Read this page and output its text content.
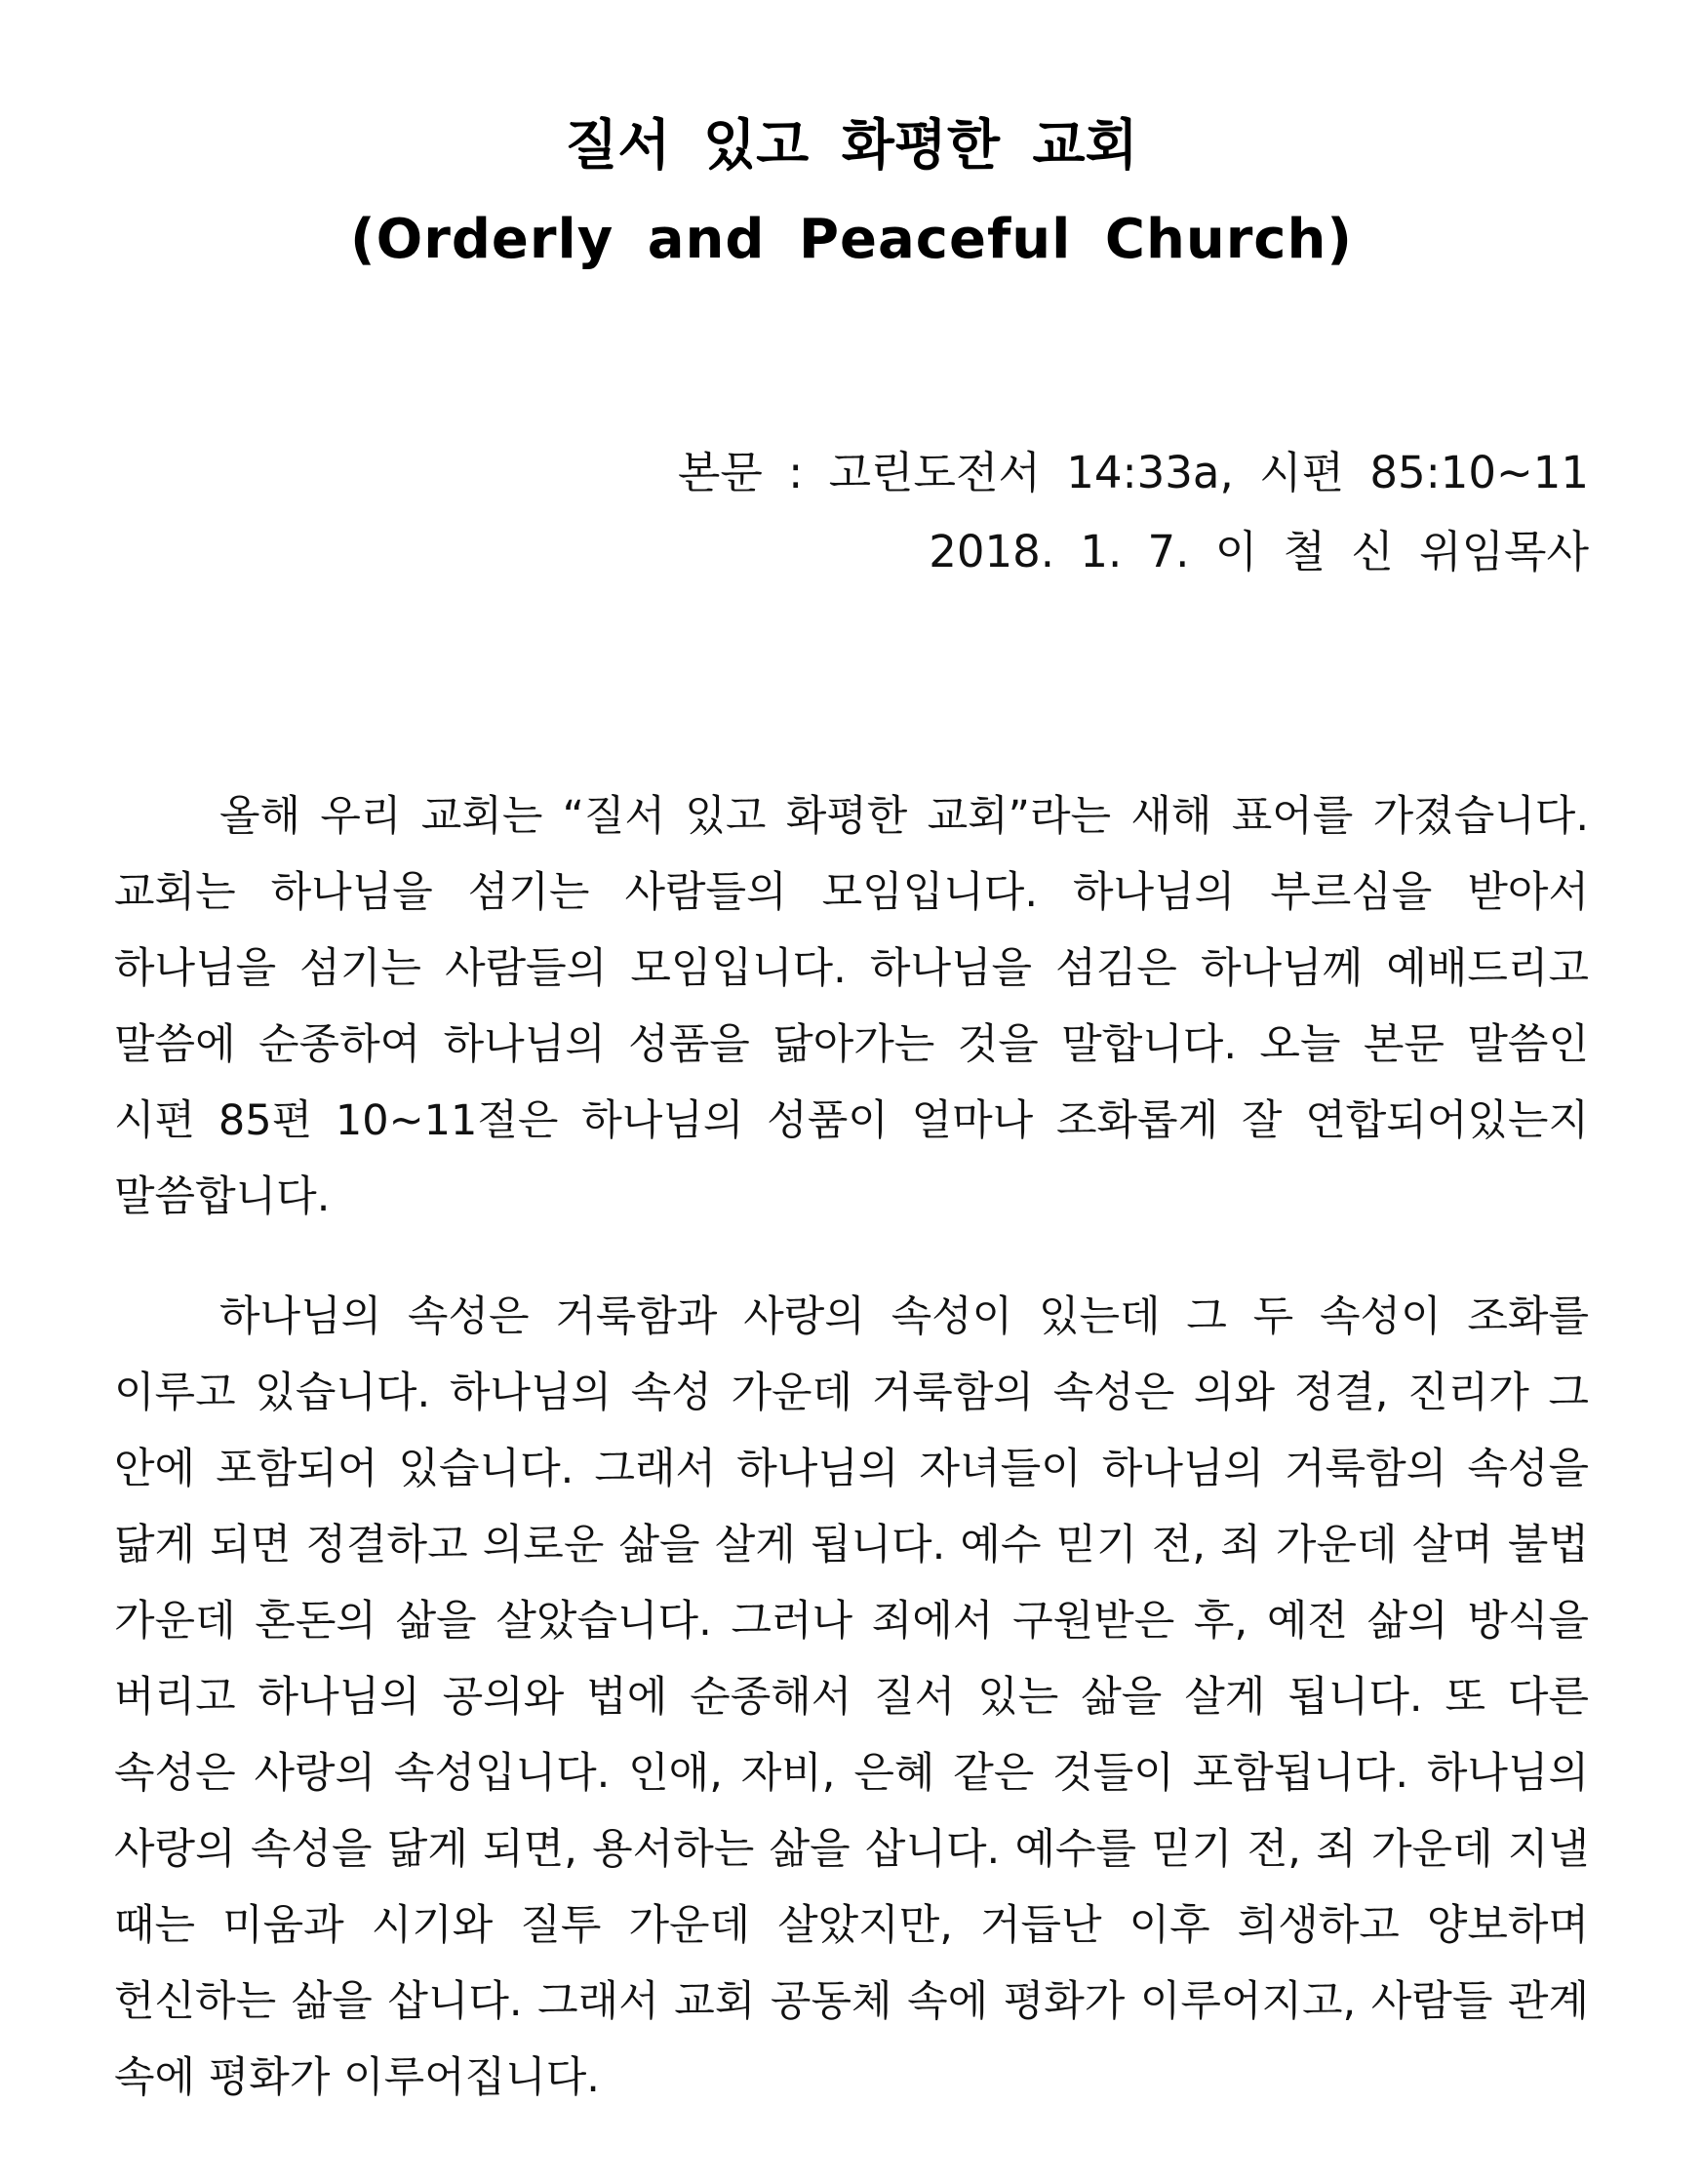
질서 있고 화평한 교회
(Orderly and Peaceful Church)
본문 : 고린도전서 14:33a, 시편 85:10~11
2018. 1. 7. 이 철 신 위임목사

올해 우리 교회는 “질서 있고 화평한 교회”라는 새해 표어를 가졌습니다. 교회는 하나님을 섬기는 사람들의 모임입니다. 하나님의 부르심을 받아서 하나님을 섬기는 사람들의 모임입니다. 하나님을 섬김은 하나님께 예배드리고 말씀에 순종하여 하나님의 성품을 닮아가는 것을 말합니다. 오늘 본문 말씀인 시편 85편 10~11절은 하나님의 성품이 얼마나 조화롭게 잘 연합되어있는지 말씀합니다.

하나님의 속성은 거룩함과 사랑의 속성이 있는데 그 두 속성이 조화를 이루고 있습니다. 하나님의 속성 가운데 거룩함의 속성은 의와 정결, 진리가 그 안에 포함되어 있습니다. 그래서 하나님의 자녀들이 하나님의 거룩함의 속성을 닮게 되면 정결하고 의로운 삶을 살게 됩니다. 예수 믿기 전, 죄 가운데 살며 불법 가운데 혼돈의 삶을 살았습니다. 그러나 죄에서 구원받은 후, 예전 삶의 방식을 버리고 하나님의 공의와 법에 순종해서 질서 있는 삶을 살게 됩니다. 또 다른 속성은 사랑의 속성입니다. 인애, 자비, 은혜 같은 것들이 포함됩니다. 하나님의 사랑의 속성을 닮게 되면, 용서하는 삶을 삽니다. 예수를 믿기 전, 죄 가운데 지낼 때는 미움과 시기와 질투 가운데 살았지만, 거듭난 이후 희생하고 양보하며 헌신하는 삶을 삽니다. 그래서 교회 공동체 속에 평화가 이루어지고, 사람들 관계 속에 평화가 이루어집니다.
